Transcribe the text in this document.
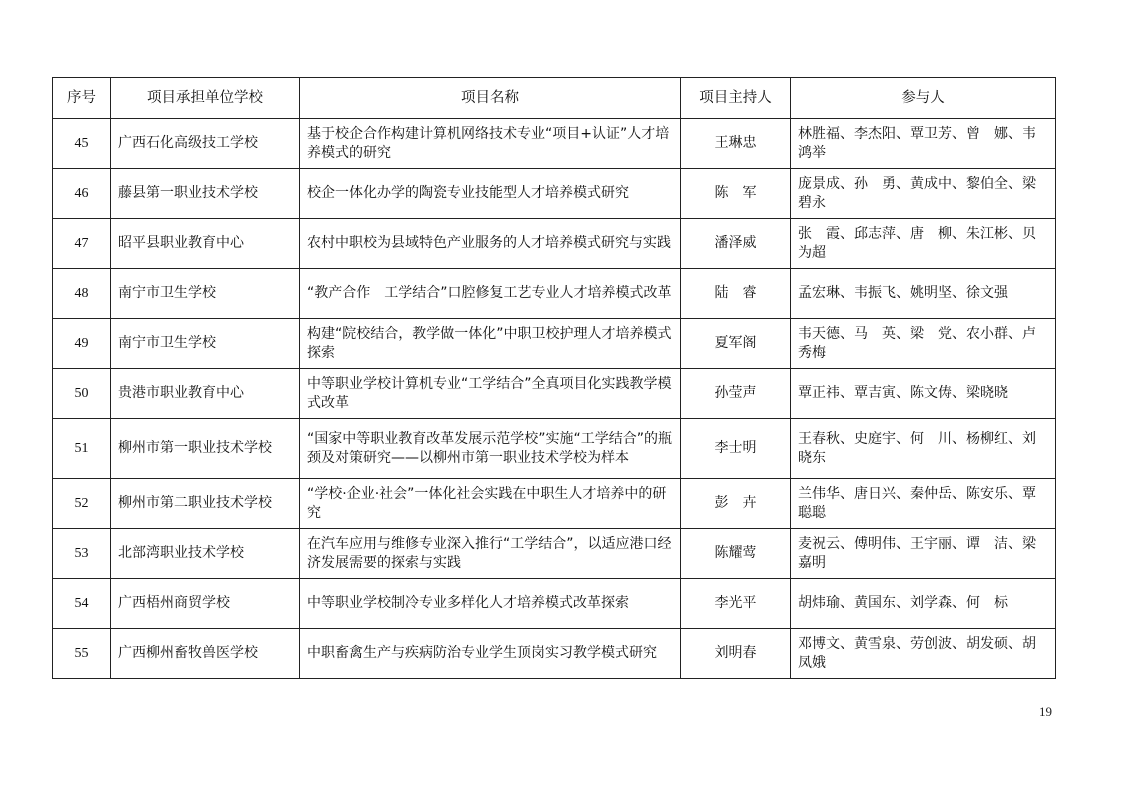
序号	项目承担单位学校	项目名称	项目主持人	参与人
45	广西石化高级技工学校	基于校企合作构建计算机网络技术专业“项目+认证”人才培养模式的研究	王琳忠	林胜福、李杰阳、覃卫芳、曾　娜、韦鸿举
46	藤县第一职业技术学校	校企一体化办学的陶瓷专业技能型人才培养模式研究	陈　军	庞景成、孙　勇、黄成中、黎伯全、梁碧永
47	昭平县职业教育中心	农村中职校为县域特色产业服务的人才培养模式研究与实践	潘泽威	张　霞、邱志萍、唐　柳、朱江彬、贝为超
48	南宁市卫生学校	“教产合作　工学结合”口腔修复工艺专业人才培养模式改革	陆　睿	孟宏琳、韦振飞、姚明坚、徐文强
49	南宁市卫生学校	构建“院校结合，教学做一体化”中职卫校护理人才培养模式探索	夏军阁	韦天德、马　英、梁　党、农小群、卢秀梅
50	贵港市职业教育中心	中等职业学校计算机专业“工学结合”全真项目化实践教学模式改革	孙莹声	覃正祎、覃吉寅、陈文俦、梁晓晓
51	柳州市第一职业技术学校	“国家中等职业教育改革发展示范学校”实施“工学结合”的瓶颈及对策研究——以柳州市第一职业技术学校为样本	李士明	王春秋、史庭宇、何　川、杨柳红、刘晓东
52	柳州市第二职业技术学校	“学校·企业·社会”一体化社会实践在中职生人才培养中的研究	彭　卉	兰伟华、唐日兴、秦仲岳、陈安乐、覃聪聪
53	北部湾职业技术学校	在汽车应用与维修专业深入推行“工学结合”，以适应港口经济发展需要的探索与实践	陈耀莺	麦祝云、傅明伟、王宇丽、谭　洁、梁嘉明
54	广西梧州商贸学校	中等职业学校制冷专业多样化人才培养模式改革探索	李光平	胡炜瑜、黄国东、刘学森、何　标
55	广西柳州畜牧兽医学校	中职畜禽生产与疾病防治专业学生顶岗实习教学模式研究	刘明春	邓博文、黄雪泉、劳创波、胡发硕、胡凤娥
19
